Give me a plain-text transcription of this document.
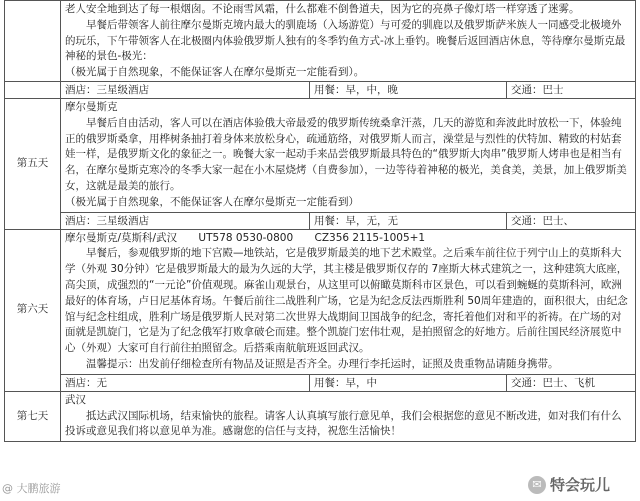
	老人安全地到达了每一根烟囱。不论雨雪风霜，什么都难不倒鲁道夫，因为它的亮鼻子像灯塔一样穿透了迷雾。
早餐后带领客人前往摩尔曼斯克境内最大的驯鹿场（入场游览）与可爱的驯鹿以及俄罗斯萨米族人一同感受北极境外的玩乐，下午带领客人在北极圈内体验俄罗斯人独有的冬季钓鱼方式-冰上垂钓。晚餐后返回酒店休息，等待摩尔曼斯克最神秘的景色-极光：
（极光属于自然现象，不能保证客人在摩尔曼斯克一定能看到）。

	酒店：三星级酒店 用餐：早，中，晚 交通：巴士

第五天	摩尔曼斯克
早餐后自由活动，客人可以在酒店体验俄大帝最爱的俄罗斯传统桑拿汗蒸，几天的游览和奔波此时放松一下，体验纯正的俄罗斯桑拿，用桦树条抽打着身体来放松身心，疏通筋络，对俄罗斯人而言，澡堂是与烈性的伏特加、精致的村姑套娃一样，是俄罗斯文化的象征之一。晚餐大家一起动手来品尝俄罗斯最具特色的“俄罗斯大肉串”俄罗斯人烤串也是相当有名，在摩尔曼斯克寒冷的冬季大家一起在小木屋烧烤（自费参加），一边等待着神秘的极光，美食美，美景，加上俄罗斯美女，这就是最美的旅行。
（极光属于自然现象，不能保证客人在摩尔曼斯克一定能看到）

	酒店：三星级酒店 用餐：早，无，无 交通：巴士、

第六天	摩尔曼斯克/莫斯科/武汉 UT578 0530-0800 CZ356 2115-1005+1
早餐后，参观俄罗斯的地下宫殿—地铁站，它是俄罗斯最美的地下艺术殿堂。之后乘车前往位于列宁山上的莫斯科大学（外观 30分钟）它是俄罗斯最大的最为久远的大学，其主楼是俄罗斯仅存的 7座斯大林式建筑之一，这种建筑大底座，高尖顶，成强烈的“一元论”价值观现。麻雀山观景台，从这里可以俯瞰莫斯科市区景色，可以看到蜿蜒的莫斯科河，欧洲最好的体育场，卢日尼基体育场。午餐后前往二战胜利广场，它是为纪念反法西斯胜利 50周年建造的，面积很大，由纪念馆与纪念柱组成，胜利广场是俄罗斯人民对第二次世界大战期间卫国战争的纪念，寄托着他们对和平的祈祷。在广场的对面就是凯旋门，它是为了纪念俄军打败拿破仑而建。整个凯旋门宏伟壮观，是拍照留念的好地方。后前往国民经济展览中心（外观）大家可自行前往拍照留念。后搭乘南航航班返回武汉。
温馨提示：出发前仔细检查所有物品及证照是否齐全。办理行李托运时，证照及贵重物品请随身携带。

	酒店：无 用餐：早，中 交通：巴士、飞机

第七天	武汉
抵达武汉国际机场，结束愉快的旅程。请客人认真填写旅行意见单，我们会根据您的意见不断改进，如对我们有什么投诉或意见我们将以意见单为准。感谢您的信任与支持，祝您生活愉快！
@ 大鹏旅游	✉ 特会玩儿
